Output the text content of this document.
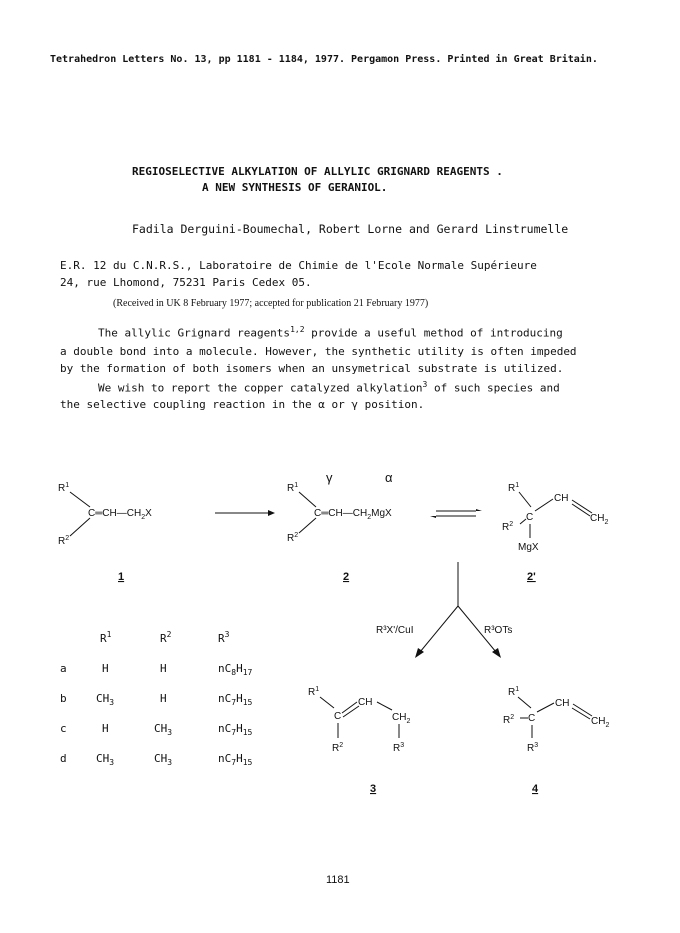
Tetrahedron Letters No. 13, pp 1181 - 1184, 1977. Pergamon Press. Printed in Great Britain.
REGIOSELECTIVE ALKYLATION OF ALLYLIC GRIGNARD REAGENTS .
A NEW SYNTHESIS OF GERANIOL.
Fadila Derguini-Boumechal, Robert Lorne and Gerard Linstrumelle
E.R. 12 du C.N.R.S., Laboratoire de Chimie de l'Ecole Normale Supérieure
24, rue Lhomond, 75231 Paris Cedex 05.
(Received in UK 8 February 1977; accepted for publication 21 February 1977)
The allylic Grignard reagents$^{1,2}$ provide a useful method of introducing
a double bond into a molecule. However, the synthetic utility is often impeded
by the formation of both isomers when an unsymetrical substrate is utilized.
We wish to report the copper catalyzed alkylation$^3$ of such species and
the selective coupling reaction in the α or γ position.
$R^1$
$R^2$
$C═CH—CH_2X$
1
γ	α
$R^1$
$R^2$
$C═CH—CH_2MgX$
2
$R^1$
C
$R^2$
CH
$CH_2$
MgX
2'
R³X'/CuI	R³OTs
$R^1$
C
CH
$CH_2$
$R^2$	$R^3$
3
$R^1$
C
$R^2$
CH
$CH_2$
$R^3$
4
$R^1$	$R^2$	$R^3$
a	H	H	$nC_8H_{17}$
b	$CH_3$	H	$nC_7H_{15}$
c	H	$CH_3$	$nC_7H_{15}$
d	$CH_3$	$CH_3$	$nC_7H_{15}$
1181
